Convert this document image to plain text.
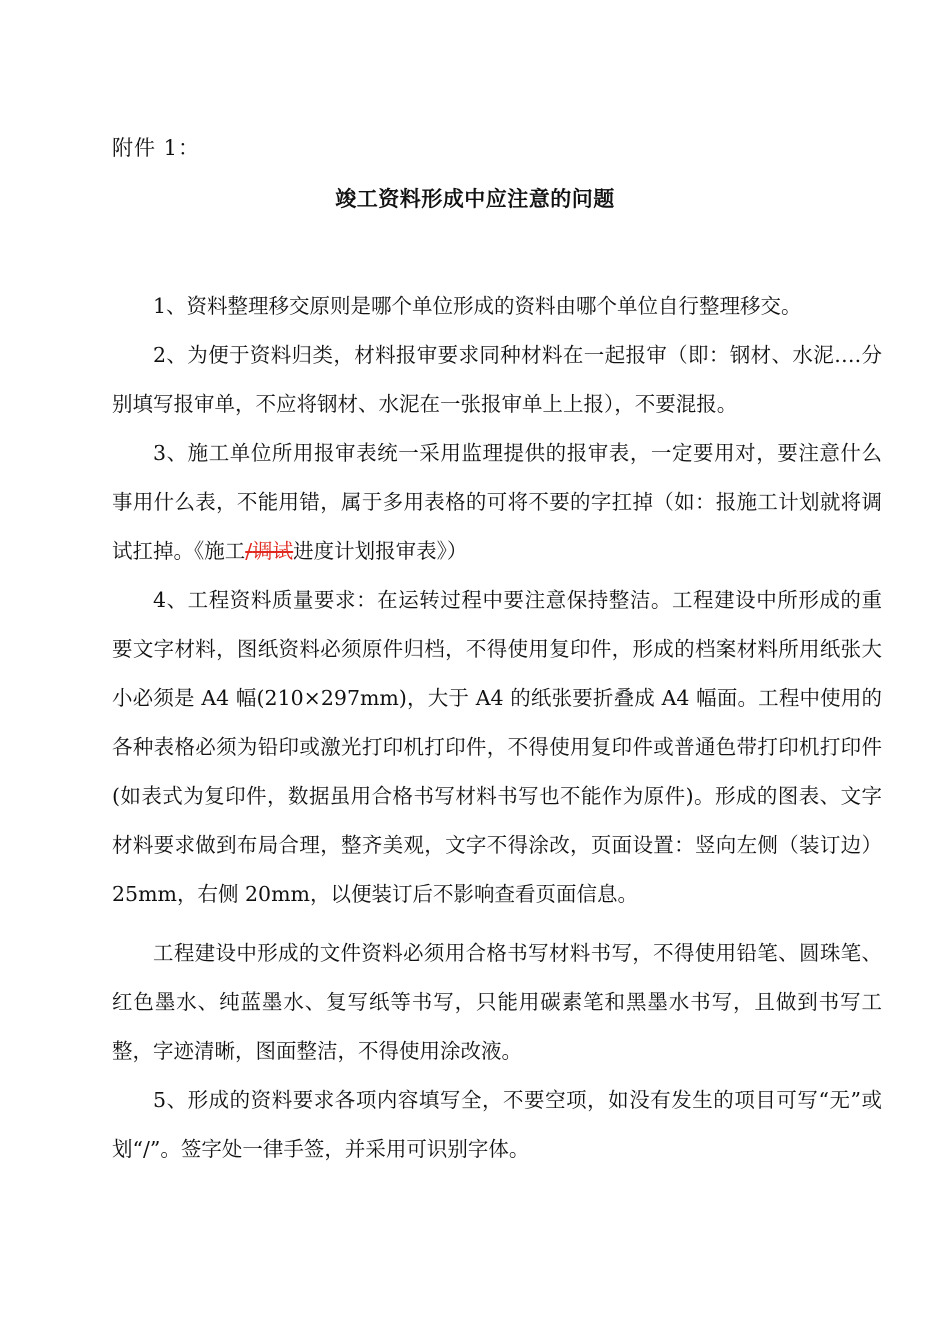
附件 1：
竣工资料形成中应注意的问题

1、资料整理移交原则是哪个单位形成的资料由哪个单位自行整理移交。

2、为便于资料归类，材料报审要求同种材料在一起报审（即：钢材、水泥….分别填写报审单，不应将钢材、水泥在一张报审单上上报），不要混报。

3、施工单位所用报审表统一采用监理提供的报审表，一定要用对，要注意什么事用什么表，不能用错，属于多用表格的可将不要的字扛掉（如：报施工计划就将调试扛掉。《施工/调试进度计划报审表》）

4、工程资料质量要求：在运转过程中要注意保持整洁。工程建设中所形成的重要文字材料，图纸资料必须原件归档，不得使用复印件，形成的档案材料所用纸张大小必须是 A4 幅(210×297mm)，大于 A4 的纸张要折叠成 A4 幅面。工程中使用的各种表格必须为铅印或激光打印机打印件，不得使用复印件或普通色带打印机打印件(如表式为复印件，数据虽用合格书写材料书写也不能作为原件)。形成的图表、文字材料要求做到布局合理，整齐美观，文字不得涂改，页面设置：竖向左侧（装订边）25mm，右侧 20mm，以便装订后不影响查看页面信息。

工程建设中形成的文件资料必须用合格书写材料书写，不得使用铅笔、圆珠笔、红色墨水、纯蓝墨水、复写纸等书写，只能用碳素笔和黑墨水书写，且做到书写工整，字迹清晰，图面整洁，不得使用涂改液。

5、形成的资料要求各项内容填写全，不要空项，如没有发生的项目可写“无”或划“/”。签字处一律手签，并采用可识别字体。
